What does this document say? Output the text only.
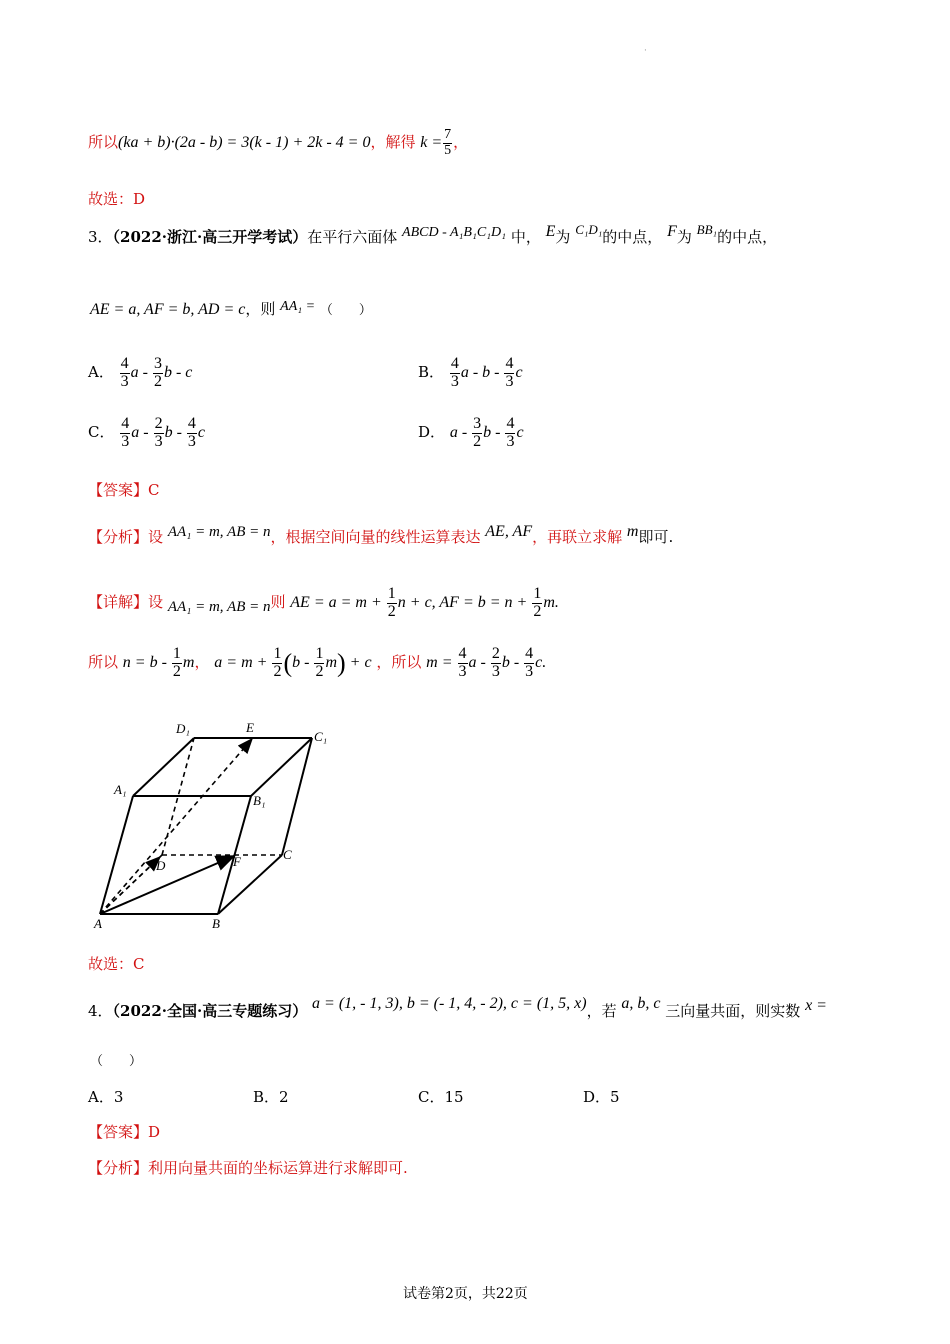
·
所以(ka + b)·(2a - b) = 3(k - 1) + 2k - 4 = 0，解得 $k = \frac{7}{5}$ ，
故选：D
3．（2022·浙江·高三开学考试）在平行六面体 ABCD - A₁B₁C₁D₁ 中， E为 C₁D₁的中点， F为 BB₁的中点，
AE = a, AF = b, AD = c，则 AA₁ = （　　）
A． $\frac{4}{3}$ a - $\frac{3}{2}$ b - c	B． $\frac{4}{3}$ a - b - $\frac{4}{3}$ c
C． $\frac{4}{3}$ a - $\frac{2}{3}$ b - $\frac{4}{3}$ c	D． a - $\frac{3}{2}$ b - $\frac{4}{3}$ c
【答案】C
【分析】设 AA₁ = m, AB = n，根据空间向量的线性运算表达 AE, AF，再联立求解 m即可.
【详解】设 AA₁ = m, AB = n则 AE = $a = m + \frac{1}{2}$ n + c, AF = $b = n + \frac{1}{2} m$.
所以 $n = b - \frac{1}{2}$ m， $a = m + \frac{1}{2} (b - \frac{1}{2} m) + c$ ，所以 $m = \frac{4}{3}$ a - $\frac{2}{3}$ b - $\frac{4}{3} c$.
D₁	E
C₁
A₁
B₁
C
D	F
A	B
故选：C
4．（2022·全国·高三专题练习） a = (1, - 1, 3), b = (- 1, 4, - 2), c = (1, 5, x)，若 a, b, c 三向量共面，则实数 x =
（　　）
A．3	B．2	C．15	D．5
【答案】D
【分析】利用向量共面的坐标运算进行求解即可.
试卷第2页，共22页
